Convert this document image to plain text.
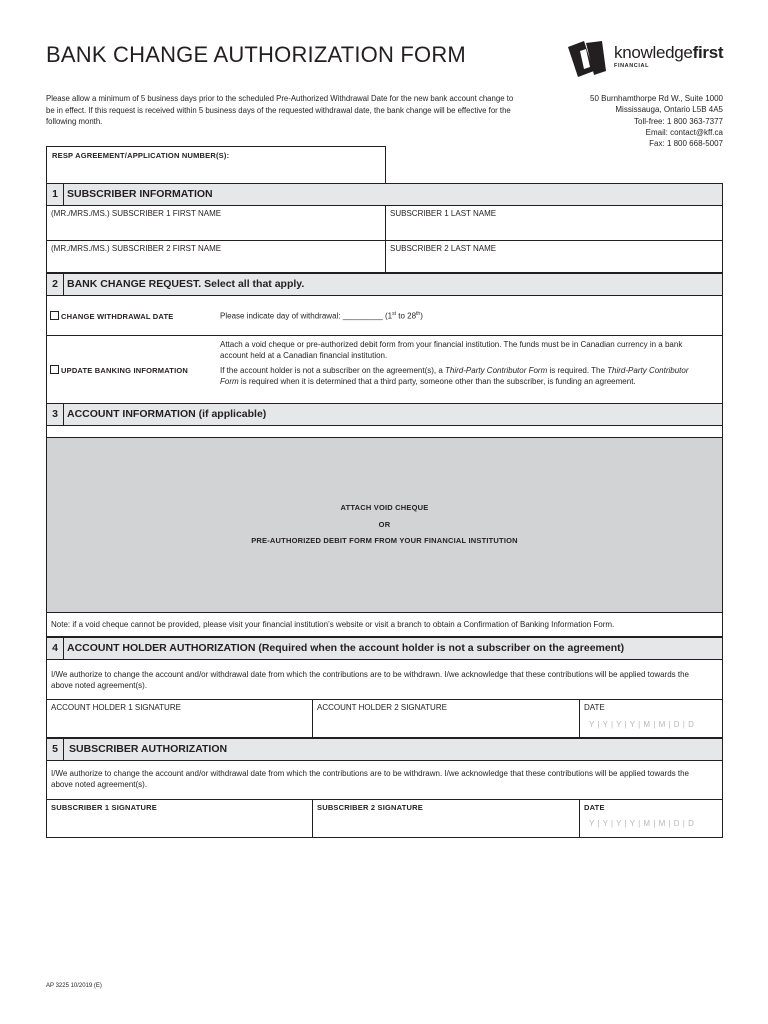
BANK CHANGE AUTHORIZATION FORM	knowledgefirst
FINANCIAL
Please allow a minimum of 5 business days prior to the scheduled Pre-Authorized Withdrawal Date for the new bank account change to be in effect. If this request is received within 5 business days of the requested withdrawal date, the bank change will be effective for the following month.
50 Burnhamthorpe Rd W., Suite 1000
Mississauga, Ontario L5B 4A5
Toll-free: 1 800 363-7377
Email: contact@kff.ca
Fax: 1 800 668-5007
RESP AGREEMENT/APPLICATION NUMBER(S):
1 SUBSCRIBER INFORMATION
(MR./MRS./MS.) SUBSCRIBER 1 FIRST NAME	SUBSCRIBER 1 LAST NAME
(MR./MRS./MS.) SUBSCRIBER 2 FIRST NAME	SUBSCRIBER 2 LAST NAME
2 BANK CHANGE REQUEST. Select all that apply.
CHANGE WITHDRAWAL DATE	Please indicate day of withdrawal: _________ (1st to 28th)
UPDATE BANKING INFORMATION
Attach a void cheque or pre-authorized debit form from your financial institution. The funds must be in Canadian currency in a bank account held at a Canadian financial institution.
If the account holder is not a subscriber on the agreement(s), a Third-Party Contributor Form is required. The Third-Party Contributor Form is required when it is determined that a third party, someone other than the subscriber, is funding an agreement.
3 ACCOUNT INFORMATION (if applicable)
ATTACH VOID CHEQUE
OR
PRE-AUTHORIZED DEBIT FORM FROM YOUR FINANCIAL INSTITUTION
Note: if a void cheque cannot be provided, please visit your financial institution’s website or visit a branch to obtain a Confirmation of Banking Information Form.
4 ACCOUNT HOLDER AUTHORIZATION (Required when the account holder is not a subscriber on the agreement)
I/We authorize to change the account and/or withdrawal date from which the contributions are to be withdrawn. I/we acknowledge that these contributions will be applied towards the above noted agreement(s).
ACCOUNT HOLDER 1 SIGNATURE	ACCOUNT HOLDER 2 SIGNATURE	DATE
Y | Y | Y | Y | M | M | D | D
5	SUBSCRIBER AUTHORIZATION
I/We authorize to change the account and/or withdrawal date from which the contributions are to be withdrawn. I/we acknowledge that these contributions will be applied towards the above noted agreement(s).
SUBSCRIBER 1 SIGNATURE	SUBSCRIBER 2 SIGNATURE	DATE
Y | Y | Y | Y | M | M | D | D
AP 3225 10/2019 (E)
